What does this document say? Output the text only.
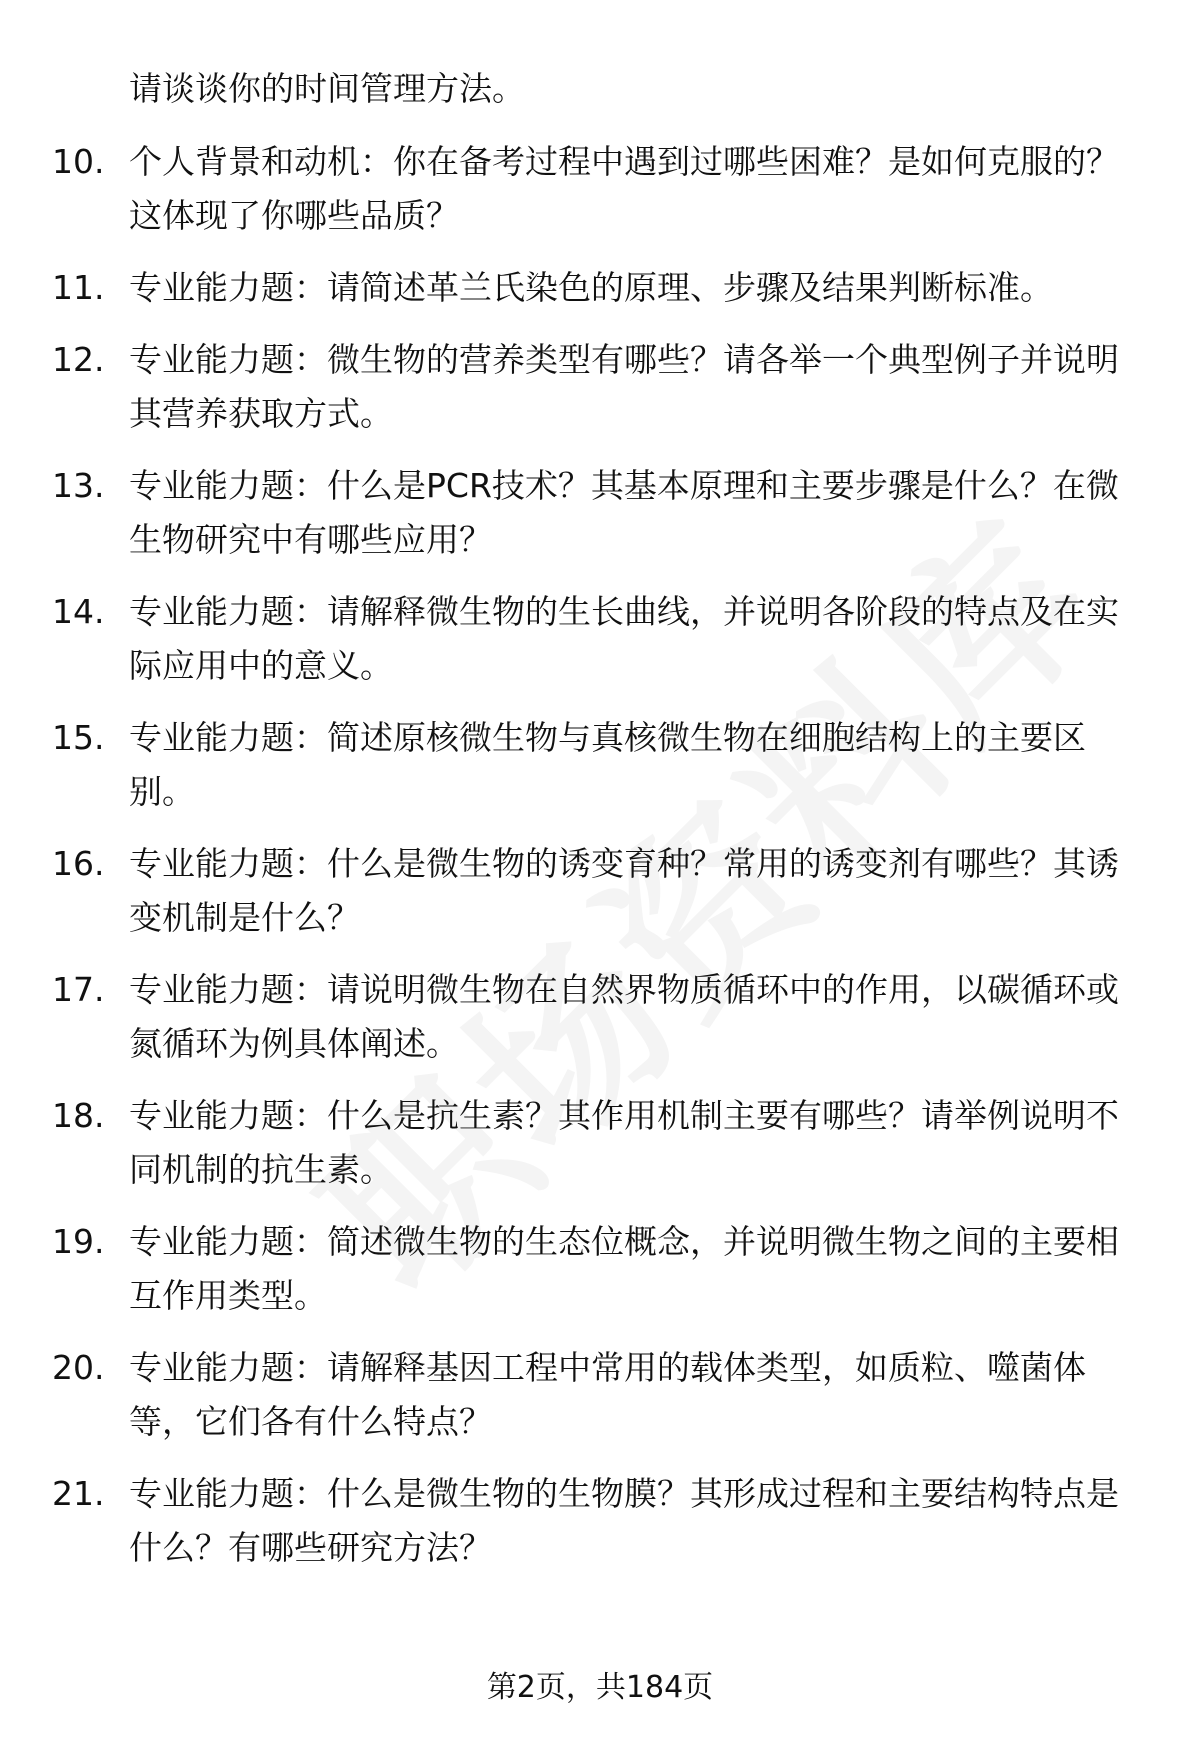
请谈谈你的时间管理方法。
10. 个人背景和动机：你在备考过程中遇到过哪些困难？是如何克服的？这体现了你哪些品质？
11. 专业能力题：请简述革兰氏染色的原理、步骤及结果判断标准。
12. 专业能力题：微生物的营养类型有哪些？请各举一个典型例子并说明其营养获取方式。
13. 专业能力题：什么是PCR技术？其基本原理和主要步骤是什么？在微生物研究中有哪些应用？
14. 专业能力题：请解释微生物的生长曲线，并说明各阶段的特点及在实际应用中的意义。
15. 专业能力题：简述原核微生物与真核微生物在细胞结构上的主要区别。
16. 专业能力题：什么是微生物的诱变育种？常用的诱变剂有哪些？其诱变机制是什么？
17. 专业能力题：请说明微生物在自然界物质循环中的作用，以碳循环或氮循环为例具体阐述。
18. 专业能力题：什么是抗生素？其作用机制主要有哪些？请举例说明不同机制的抗生素。
19. 专业能力题：简述微生物的生态位概念，并说明微生物之间的主要相互作用类型。
20. 专业能力题：请解释基因工程中常用的载体类型，如质粒、噬菌体等，它们各有什么特点？
21. 专业能力题：什么是微生物的生物膜？其形成过程和主要结构特点是什么？有哪些研究方法？
第2页，共184页
